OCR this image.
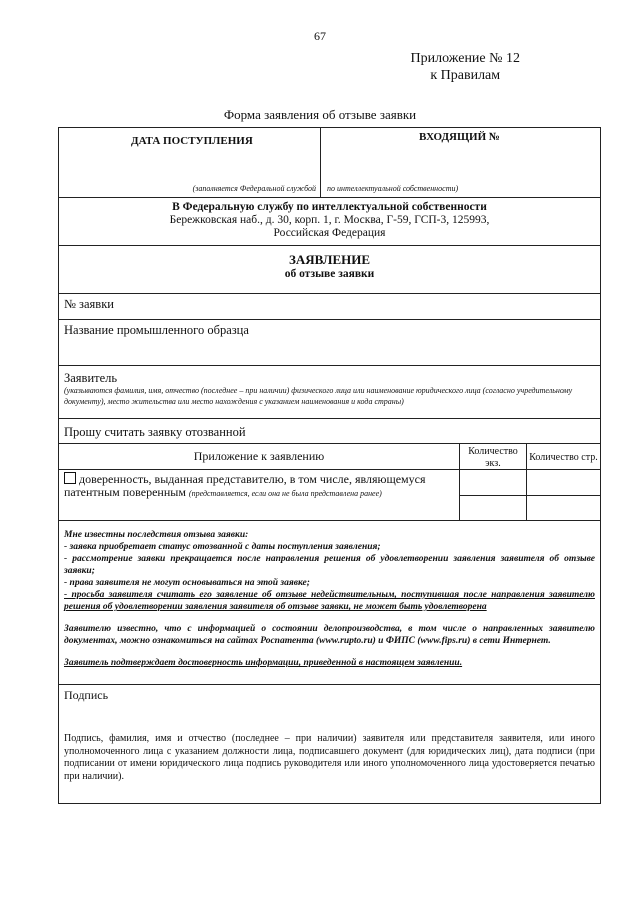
67
Приложение № 12
к Правилам
Форма заявления об отзыве заявки
ДАТА ПОСТУПЛЕНИЯ
(заполняется Федеральной службой
ВХОДЯЩИЙ №
по интеллектуальной собственности)
В Федеральную службу по интеллектуальной собственности
Бережковская наб., д. 30, корп. 1, г. Москва, Г-59, ГСП-3, 125993,
Российская Федерация
ЗАЯВЛЕНИЕ
об отзыве заявки
№ заявки
Название промышленного образца
Заявитель
(указываются фамилия, имя, отчество (последнее – при наличии) физического лица или наименование юридического лица (согласно учредительному документу), место жительства или место нахождения с указанием наименования и кода страны)
Прошу считать заявку отозванной
Приложение к заявлению
доверенность, выданная представителю, в том числе, являющемуся патентным поверенным (представляется, если она не была представлена ранее)
Количество экз.
Количество стр.

Мне известны последствия отзыва заявки:
- заявка приобретает статус отозванной с даты поступления заявления;
- рассмотрение заявки прекращается после направления решения об удовлетворении заявления заявителя об отзыве заявки;
- права заявителя не могут основываться на этой заявке;
- просьба заявителя считать его заявление об отзыве недействительным, поступившая после направления заявителю решения об удовлетворении заявления заявителя об отзыве заявки, не может быть удовлетворена

Заявителю известно, что с информацией о состоянии делопроизводства, в том числе о направленных заявителю документах, можно ознакомиться на сайтах Роспатента (www.rupto.ru) и ФИПС (www.fips.ru) в сети Интернет.

Заявитель подтверждает достоверность информации, приведенной в настоящем заявлении.

Подпись
Подпись, фамилия, имя и отчество (последнее – при наличии) заявителя или представителя заявителя, или иного уполномоченного лица с указанием должности лица, подписавшего документ (для юридических лиц), дата подписи (при подписании от имени юридического лица подпись руководителя или иного уполномоченного лица удостоверяется печатью при наличии).
